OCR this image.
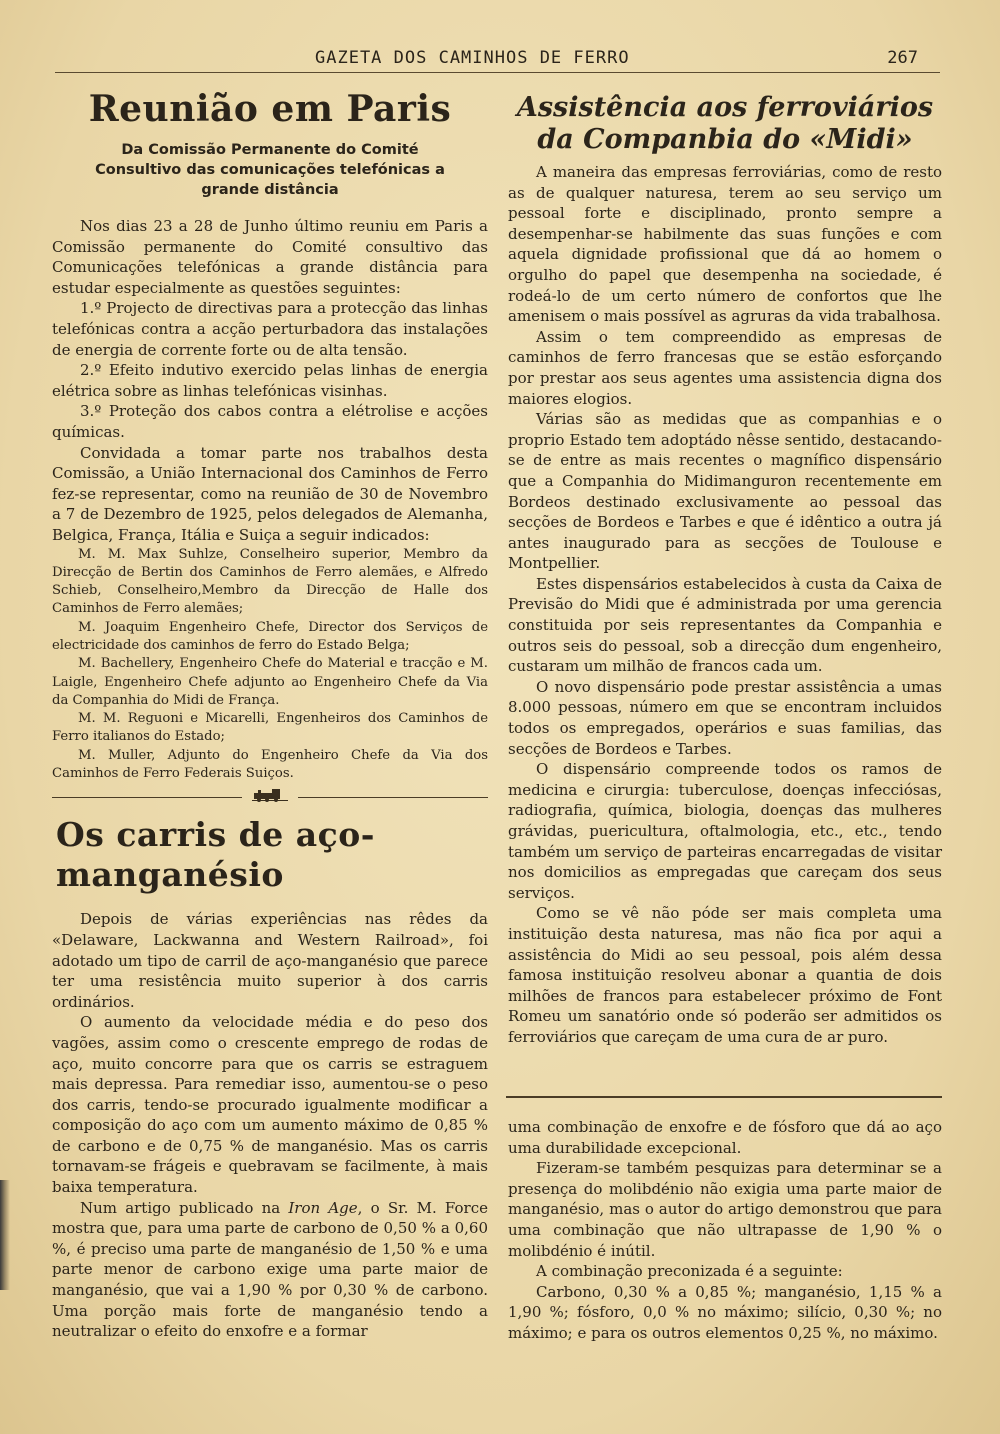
GAZETA DOS CAMINHOS DE FERRO	267
Reunião em Paris
Da Comissão Permanente do Comité Consultivo das comunicações telefónicas a grande distância

Nos dias 23 a 28 de Junho último reuniu em Paris a Comissão permanente do Comité consultivo das Comunicações telefónicas a grande distância para estudar especialmente as questões seguintes:

1.º Projecto de directivas para a protecção das linhas telefónicas contra a acção perturbadora das instalações de energia de corrente forte ou de alta tensão.

2.º Efeito indutivo exercido pelas linhas de energia elétrica sobre as linhas telefónicas visinhas.

3.º Proteção dos cabos contra a elétrolise e acções químicas.

Convidada a tomar parte nos trabalhos desta Comissão, a União Internacional dos Caminhos de Ferro fez-se representar, como na reunião de 30 de Novembro a 7 de Dezembro de 1925, pelos delegados de Alemanha, Belgica, França, Itália e Suiça a seguir indicados:

M. M. Max Suhlze, Conselheiro superior, Membro da Direcção de Bertin dos Caminhos de Ferro alemães, e Alfredo Schieb, Conselheiro,Membro da Direcção de Halle dos Caminhos de Ferro alemães;

M. Joaquim Engenheiro Chefe, Director dos Serviços de electricidade dos caminhos de ferro do Estado Belga;

M. Bachellery, Engenheiro Chefe do Material e tracção e M. Laigle, Engenheiro Chefe adjunto ao Engenheiro Chefe da Via da Companhia do Midi de França.

M. M. Reguoni e Micarelli, Engenheiros dos Caminhos de Ferro italianos do Estado;

M. Muller, Adjunto do Engenheiro Chefe da Via dos Caminhos de Ferro Federais Suiços.

Os carris de aço-manganésio

Depois de várias experiências nas rêdes da «Delaware, Lackwanna and Western Railroad», foi adotado um tipo de carril de aço-manganésio que parece ter uma resistência muito superior à dos carris ordinários.

O aumento da velocidade média e do peso dos vagões, assim como o crescente emprego de rodas de aço, muito concorre para que os carris se estraguem mais depressa. Para remediar isso, aumentou-se o peso dos carris, tendo-se procurado igualmente modificar a composição do aço com um aumento máximo de 0,85 % de carbono e de 0,75 % de manganésio. Mas os carris tornavam-se frágeis e quebravam se facilmente, à mais baixa temperatura.

Num artigo publicado na Iron Age, o Sr. M. Force mostra que, para uma parte de carbono de 0,50 % a 0,60 %, é preciso uma parte de manganésio de 1,50 % e uma parte menor de carbono exige uma parte maior de manganésio, que vai a 1,90 % por 0,30 % de carbono. Uma porção mais forte de manganésio tendo a neutralizar o efeito do enxofre e a formar

Assistência aos ferroviários
da Companbia do «Midi»

A maneira das empresas ferroviárias, como de resto as de qualquer naturesa, terem ao seu serviço um pessoal forte e disciplinado, pronto sempre a desempenhar-se habilmente das suas funções e com aquela dignidade profissional que dá ao homem o orgulho do papel que desempenha na sociedade, é rodeá-lo de um certo número de confortos que lhe amenisem o mais possível as agruras da vida trabalhosa.

Assim o tem compreendido as empresas de caminhos de ferro francesas que se estão esforçando por prestar aos seus agentes uma assistencia digna dos maiores elogios.

Várias são as medidas que as companhias e o proprio Estado tem adoptádo nêsse sentido, destacando-se de entre as mais recentes o magnífico dispensário que a Companhia do Midimanguron recentemente em Bordeos destinado exclusivamente ao pessoal das secções de Bordeos e Tarbes e que é idêntico a outra já antes inaugurado para as secções de Toulouse e Montpellier.

Estes dispensários estabelecidos à custa da Caixa de Previsão do Midi que é administrada por uma gerencia constituida por seis representantes da Companhia e outros seis do pessoal, sob a direcção dum engenheiro, custaram um milhão de francos cada um.

O novo dispensário pode prestar assistência a umas 8.000 pessoas, número em que se encontram incluidos todos os empregados, operários e suas familias, das secções de Bordeos e Tarbes.

O dispensário compreende todos os ramos de medicina e cirurgia: tuberculose, doenças infecciósas, radiografia, química, biologia, doenças das mulheres grávidas, puericultura, oftalmologia, etc., etc., tendo também um serviço de parteiras encarregadas de visitar nos domicilios as empregadas que careçam dos seus serviços.

Como se vê não póde ser mais completa uma instituição desta naturesa, mas não fica por aqui a assistência do Midi ao seu pessoal, pois além dessa famosa instituição resolveu abonar a quantia de dois milhões de francos para estabelecer próximo de Font Romeu um sanatório onde só poderão ser admitidos os ferroviários que careçam de uma cura de ar puro.

uma combinação de enxofre e de fósforo que dá ao aço uma durabilidade excepcional.

Fizeram-se também pesquizas para determinar se a presença do molibdénio não exigia uma parte maior de manganésio, mas o autor do artigo demonstrou que para uma combinação que não ultrapasse de 1,90 % o molibdénio é inútil.

A combinação preconizada é a seguinte:

Carbono, 0,30 % a 0,85 %; manganésio, 1,15 % a 1,90 %; fósforo, 0,0 % no máximo; silício, 0,30 %; no máximo; e para os outros elementos 0,25 %, no máximo.
